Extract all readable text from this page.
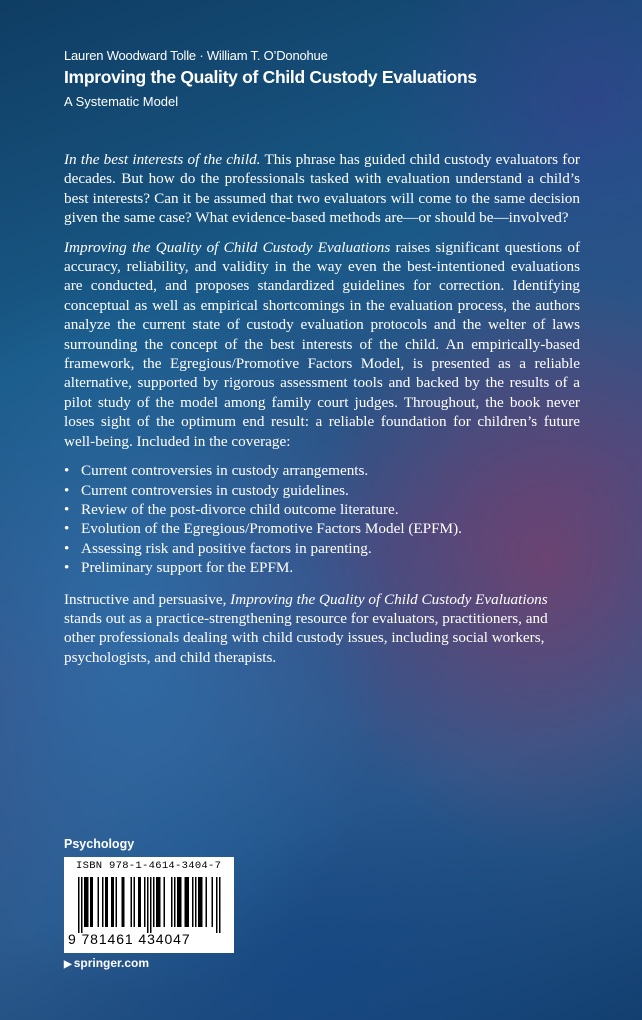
Lauren Woodward Tolle · William T. O’Donohue

Improving the Quality of Child Custody Evaluations

A Systematic Model

In the best interests of the child. This phrase has guided child custody evaluators for decades. But how do the professionals tasked with evaluation understand a child’s best interests? Can it be assumed that two evaluators will come to the same decision given the same case? What evidence-based methods are—or should be—involved?

Improving the Quality of Child Custody Evaluations raises significant questions of accuracy, reliability, and validity in the way even the best-intentioned evaluations are conducted, and proposes standardized guidelines for correction. Identifying conceptual as well as empirical shortcomings in the evaluation process, the authors analyze the current state of custody evaluation protocols and the welter of laws surrounding the concept of the best interests of the child. An empirically-based framework, the Egregious/Promotive Factors Model, is presented as a reliable alternative, supported by rigorous assessment tools and backed by the results of a pilot study of the model among family court judges. Throughout, the book never loses sight of the optimum end result: a reliable foundation for children’s future well-being. Included in the coverage:

• Current controversies in custody arrangements.
• Current controversies in custody guidelines.
• Review of the post-divorce child outcome literature.
• Evolution of the Egregious/Promotive Factors Model (EPFM).
• Assessing risk and positive factors in parenting.
• Preliminary support for the EPFM.

Instructive and persuasive, Improving the Quality of Child Custody Evaluations stands out as a practice-strengthening resource for evaluators, practitioners, and other professionals dealing with child custody issues, including social workers, psychologists, and child therapists.

Psychology
ISBN 978-1-4614-3404-7
9 781461 434047
▶ springer.com
